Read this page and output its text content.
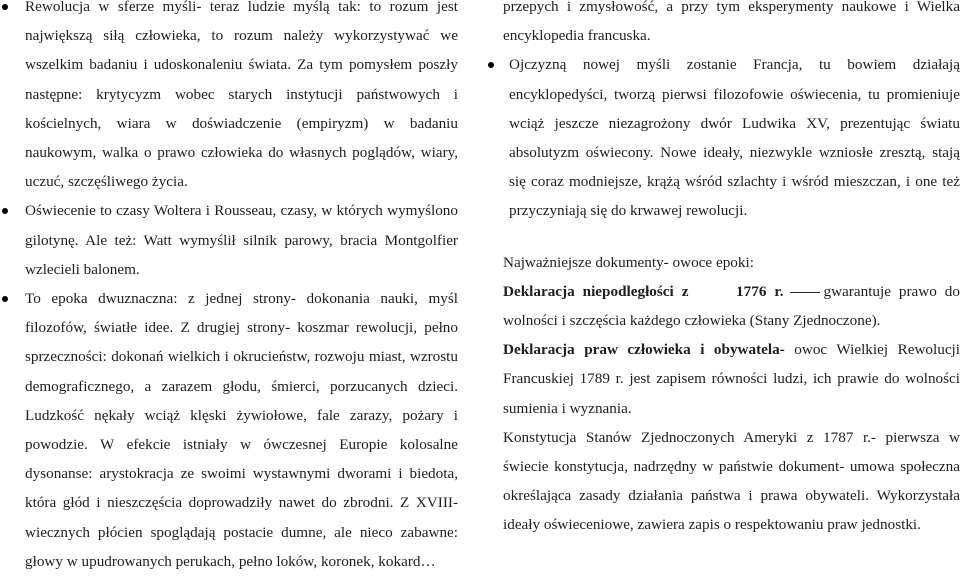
Rewolucja w sferze myśli- teraz ludzie myślą tak: to rozum jest największą siłą człowieka, to rozum należy wykorzystywać we wszelkim badaniu i udoskonaleniu świata. Za tym pomysłem poszły następne: krytycyzm wobec starych instytucji państwowych i kościelnych, wiara w doświadczenie (empiryzm) w badaniu naukowym, walka o prawo człowieka do własnych poglądów, wiary, uczuć, szczęśliwego życia.
Oświecenie to czasy Woltera i Rousseau, czasy, w których wymyślono gilotynę. Ale też: Watt wymyślił silnik parowy, bracia Montgolfier wzlecieli balonem.
To epoka dwuznaczna: z jednej strony- dokonania nauki, myśl filozofów, światłe idee. Z drugiej strony- koszmar rewolucji, pełno sprzeczności: dokonań wielkich i okrucieństw, rozwoju miast, wzrostu demograficznego, a zarazem głodu, śmierci, porzucanych dzieci. Ludzkość nękały wciąż klęski żywiołowe, fale zarazy, pożary i powodzie. W efekcie istniały w ówczesnej Europie kolosalne dysonanse: arystokracja ze swoimi wystawnymi dworami i biedota, która głód i nieszczęścia doprowadziły nawet do zbrodni. Z XVIII- wiecznych płócien spoglądają postacie dumne, ale nieco zabawne: głowy w upudrowanych perukach, pełno loków, koronek, kokard…
przepych i zmysłowość, a przy tym eksperymenty naukowe i Wielka encyklopedia francuska.
Ojczyzną nowej myśli zostanie Francja, tu bowiem działają encyklopedyści, tworzą pierwsi filozofowie oświecenia, tu promieniuje wciąż jeszcze niezagrożony dwór Ludwika XV, prezentując światu absolutyzm oświecony. Nowe ideały, niezwykle wzniosłe zresztą, stają się coraz modniejsze, krążą wśród szlachty i wśród mieszczan, i one też przyczyniają się do krwawej rewolucji.
Najważniejsze dokumenty- owoce epoki:
Deklaracja niepodległości z	1776 r.	gwarantuje prawo do wolności i szczęścia każdego człowieka (Stany Zjednoczone).
Deklaracja praw człowieka i obywatela- owoc Wielkiej Rewolucji Francuskiej 1789 r. jest zapisem równości ludzi, ich prawie do wolności sumienia i wyznania.
Konstytucja Stanów Zjednoczonych Ameryki z 1787 r.- pierwsza w świecie konstytucja, nadrzędny w państwie dokument- umowa społeczna określająca zasady działania państwa i prawa obywateli. Wykorzystała ideały oświeceniowe, zawiera zapis o respektowaniu praw jednostki.
